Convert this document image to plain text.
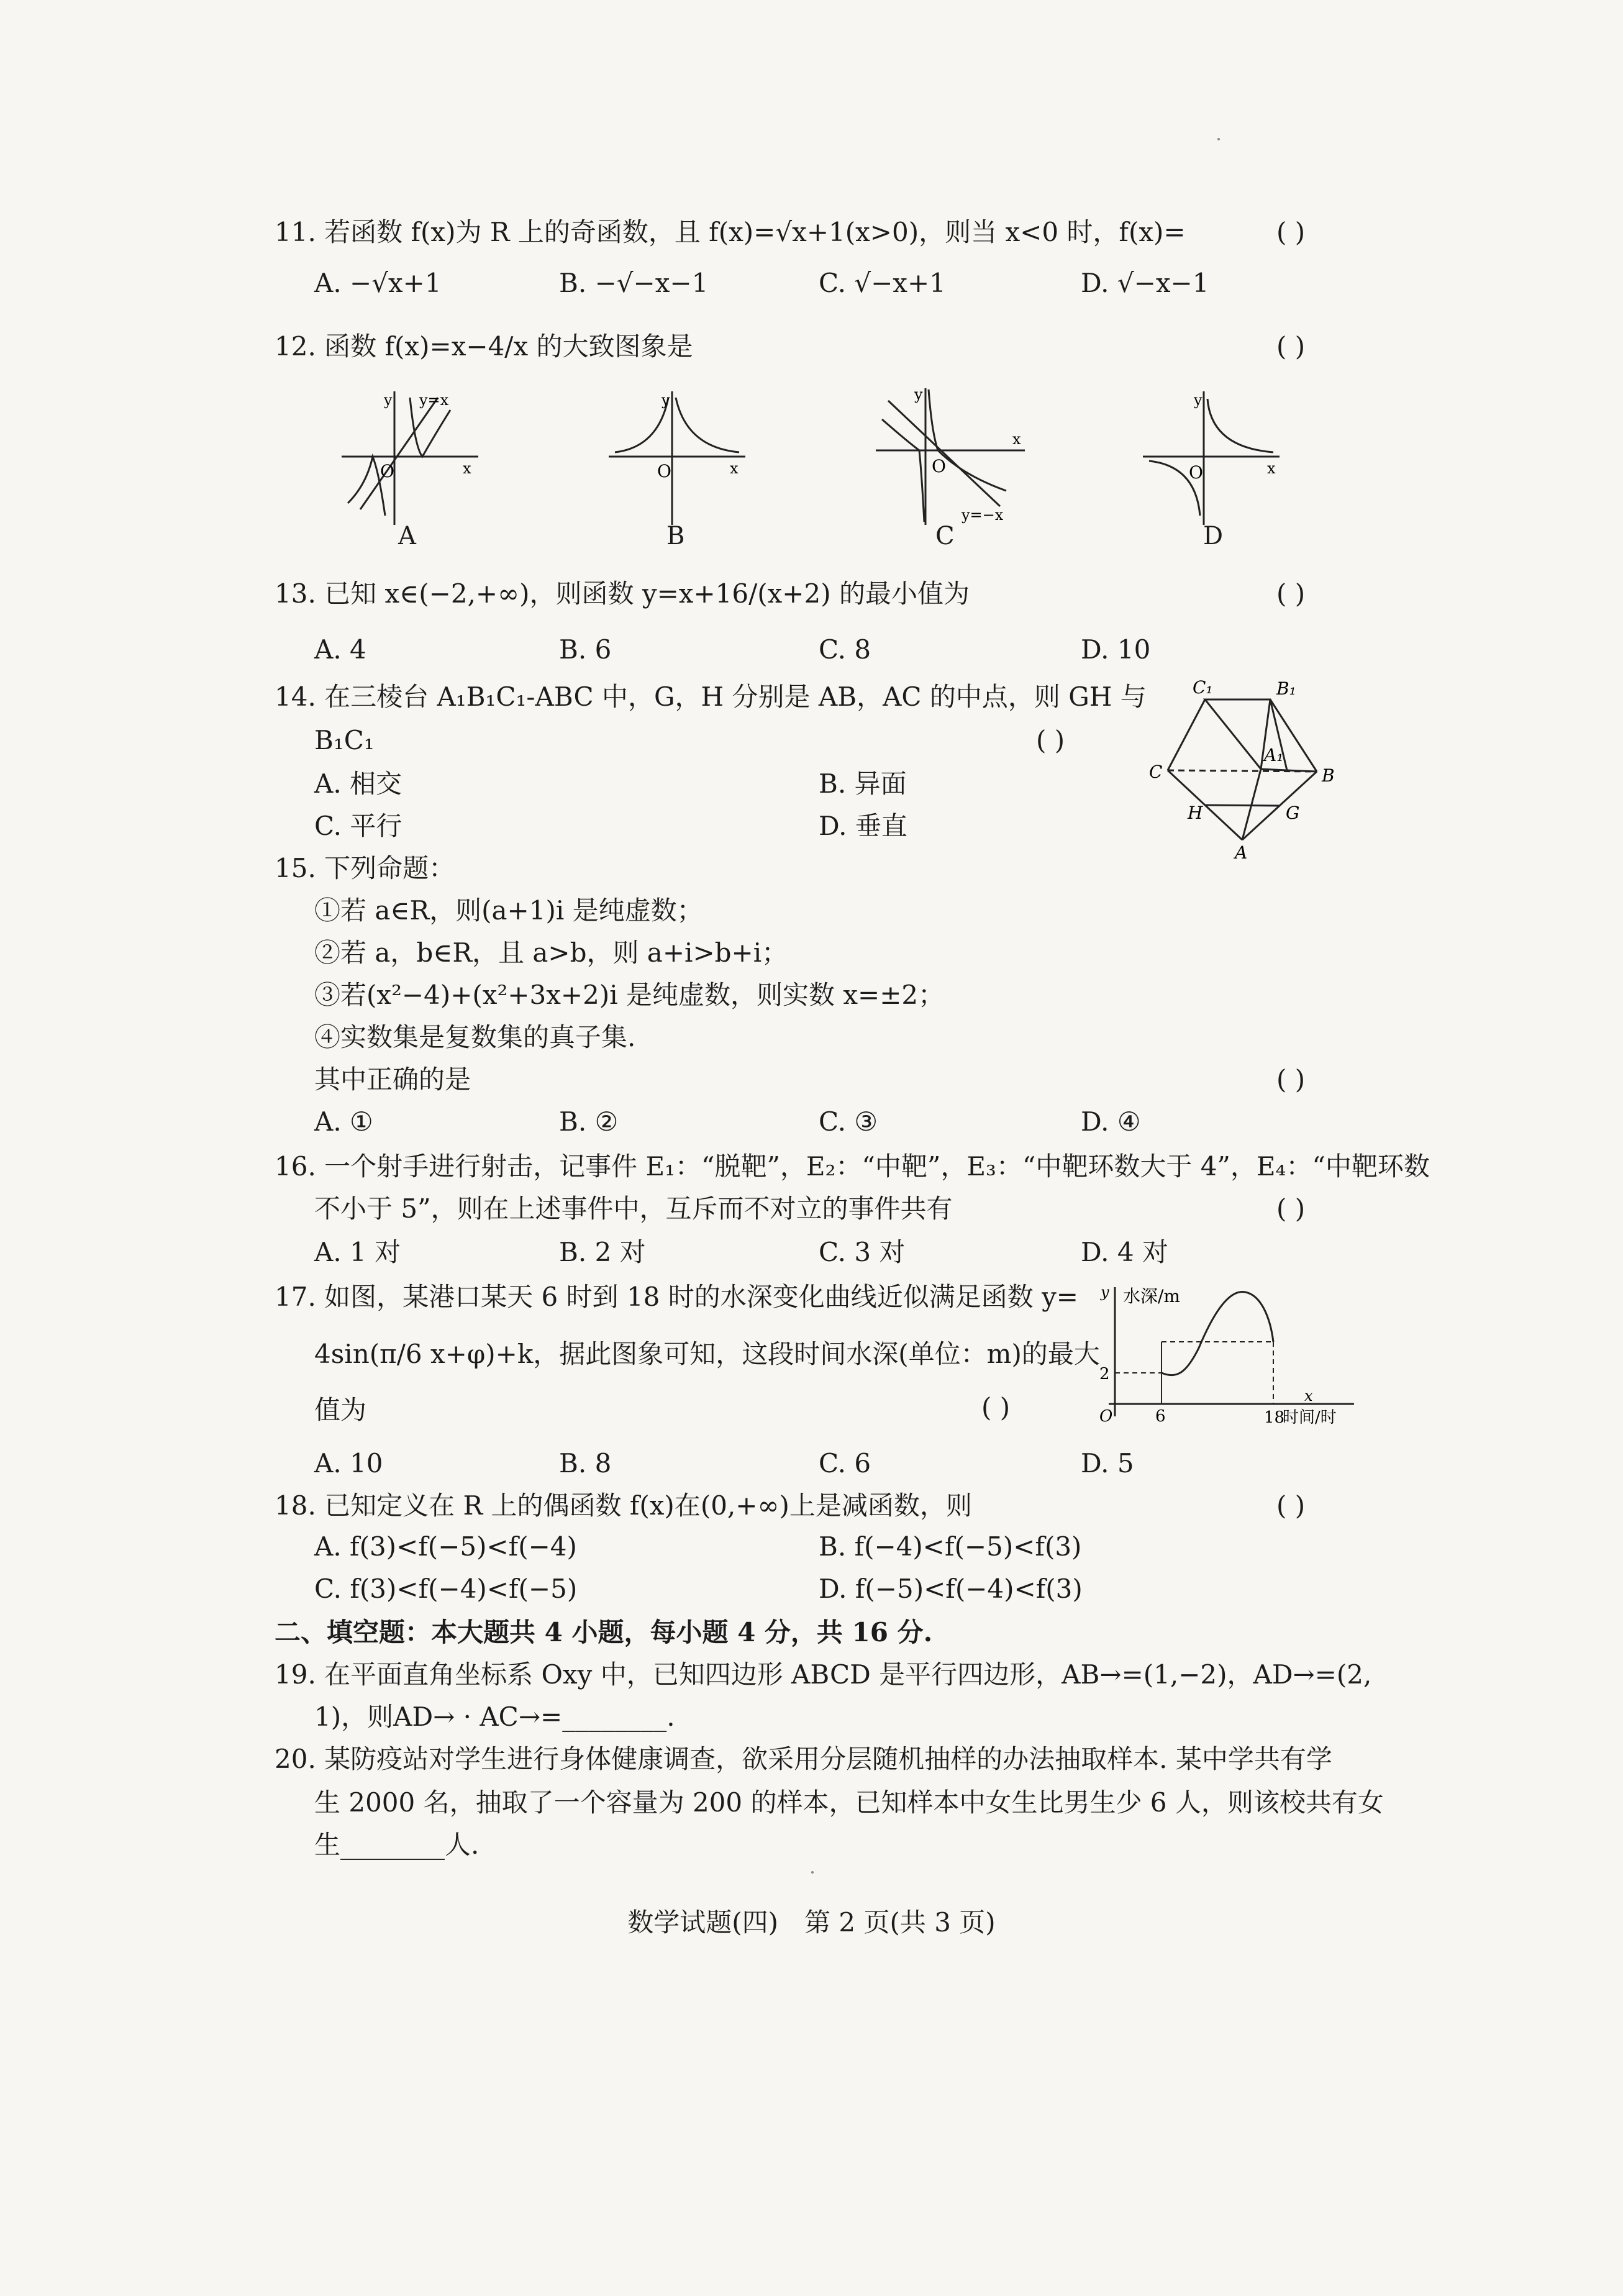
11. 若函数 f(x)为 R 上的奇函数，且 f(x)=√x+1(x>0)，则当 x<0 时，f(x)=	( )
A. −√x+1	B. −√−x−1	C. √−x+1	D. √−x−1
12. 函数 f(x)=x−4/x 的大致图象是	( )
y y=x
O	x
A
y
O	x
B
y
O
x
y=−x
C
y
O	x
D
13. 已知 x∈(−2,+∞)，则函数 y=x+16/(x+2) 的最小值为	( )
A. 4	B. 6	C. 8	D. 10
14. 在三棱台 A₁B₁C₁-ABC 中，G，H 分别是 AB，AC 的中点，则 GH 与
B₁C₁	( )
A. 相交	B. 异面
C. 平行	D. 垂直
C₁	B₁
A₁
C	B
H	G
A
15. 下列命题：
①若 a∈R，则(a+1)i 是纯虚数；
②若 a，b∈R，且 a>b，则 a+i>b+i；
③若(x²−4)+(x²+3x+2)i 是纯虚数，则实数 x=±2；
④实数集是复数集的真子集.
其中正确的是	( )
A. ①	B. ②	C. ③	D. ④
16. 一个射手进行射击，记事件 E₁：“脱靶”，E₂：“中靶”，E₃：“中靶环数大于 4”，E₄：“中靶环数
不小于 5”，则在上述事件中，互斥而不对立的事件共有	( )
A. 1 对	B. 2 对	C. 3 对	D. 4 对
17. 如图，某港口某天 6 时到 18 时的水深变化曲线近似满足函数 y=
4sin(π/6 x+φ)+k，据此图象可知，这段时间水深(单位：m)的最大
值为	( )
A. 10	B. 8	C. 6	D. 5
y 水深/m
2
O	6	18
时间/时
x
18. 已知定义在 R 上的偶函数 f(x)在(0,+∞)上是减函数，则	( )
A. f(3)<f(−5)<f(−4)	B. f(−4)<f(−5)<f(3)
C. f(3)<f(−4)<f(−5)	D. f(−5)<f(−4)<f(3)
二、填空题：本大题共 4 小题，每小题 4 分，共 16 分.
19. 在平面直角坐标系 Oxy 中，已知四边形 ABCD 是平行四边形，AB→=(1,−2)，AD→=(2,
1)，则AD→ · AC→=________.
20. 某防疫站对学生进行身体健康调查，欲采用分层随机抽样的办法抽取样本. 某中学共有学
生 2000 名，抽取了一个容量为 200 的样本，已知样本中女生比男生少 6 人，则该校共有女
生________人.
数学试题(四)　第 2 页(共 3 页)
